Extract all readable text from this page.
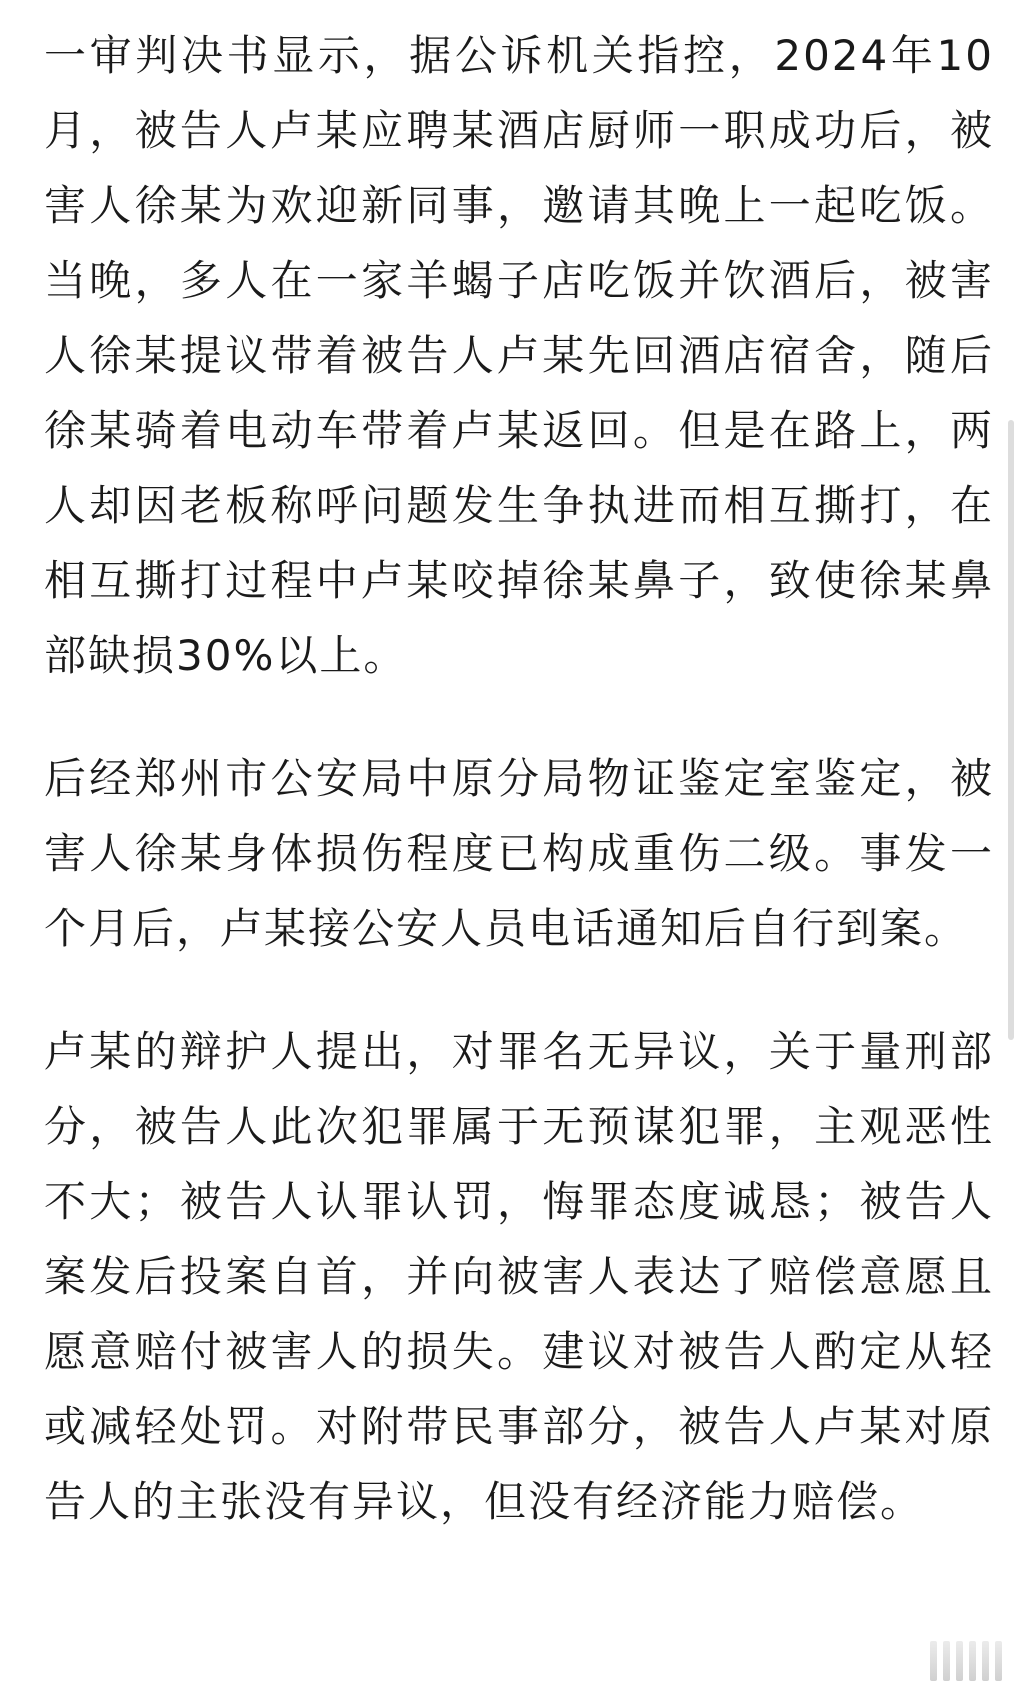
一审判决书显示，据公诉机关指控，2024年10月，被告人卢某应聘某酒店厨师一职成功后，被害人徐某为欢迎新同事，邀请其晚上一起吃饭。当晚，多人在一家羊蝎子店吃饭并饮酒后，被害人徐某提议带着被告人卢某先回酒店宿舍，随后徐某骑着电动车带着卢某返回。但是在路上，两人却因老板称呼问题发生争执进而相互撕打，在相互撕打过程中卢某咬掉徐某鼻子，致使徐某鼻部缺损30%以上。

后经郑州市公安局中原分局物证鉴定室鉴定，被害人徐某身体损伤程度已构成重伤二级。事发一个月后，卢某接公安人员电话通知后自行到案。

卢某的辩护人提出，对罪名无异议，关于量刑部分，被告人此次犯罪属于无预谋犯罪，主观恶性不大；被告人认罪认罚，悔罪态度诚恳；被告人案发后投案自首，并向被害人表达了赔偿意愿且愿意赔付被害人的损失。建议对被告人酌定从轻或减轻处罚。对附带民事部分，被告人卢某对原告人的主张没有异议，但没有经济能力赔偿。
